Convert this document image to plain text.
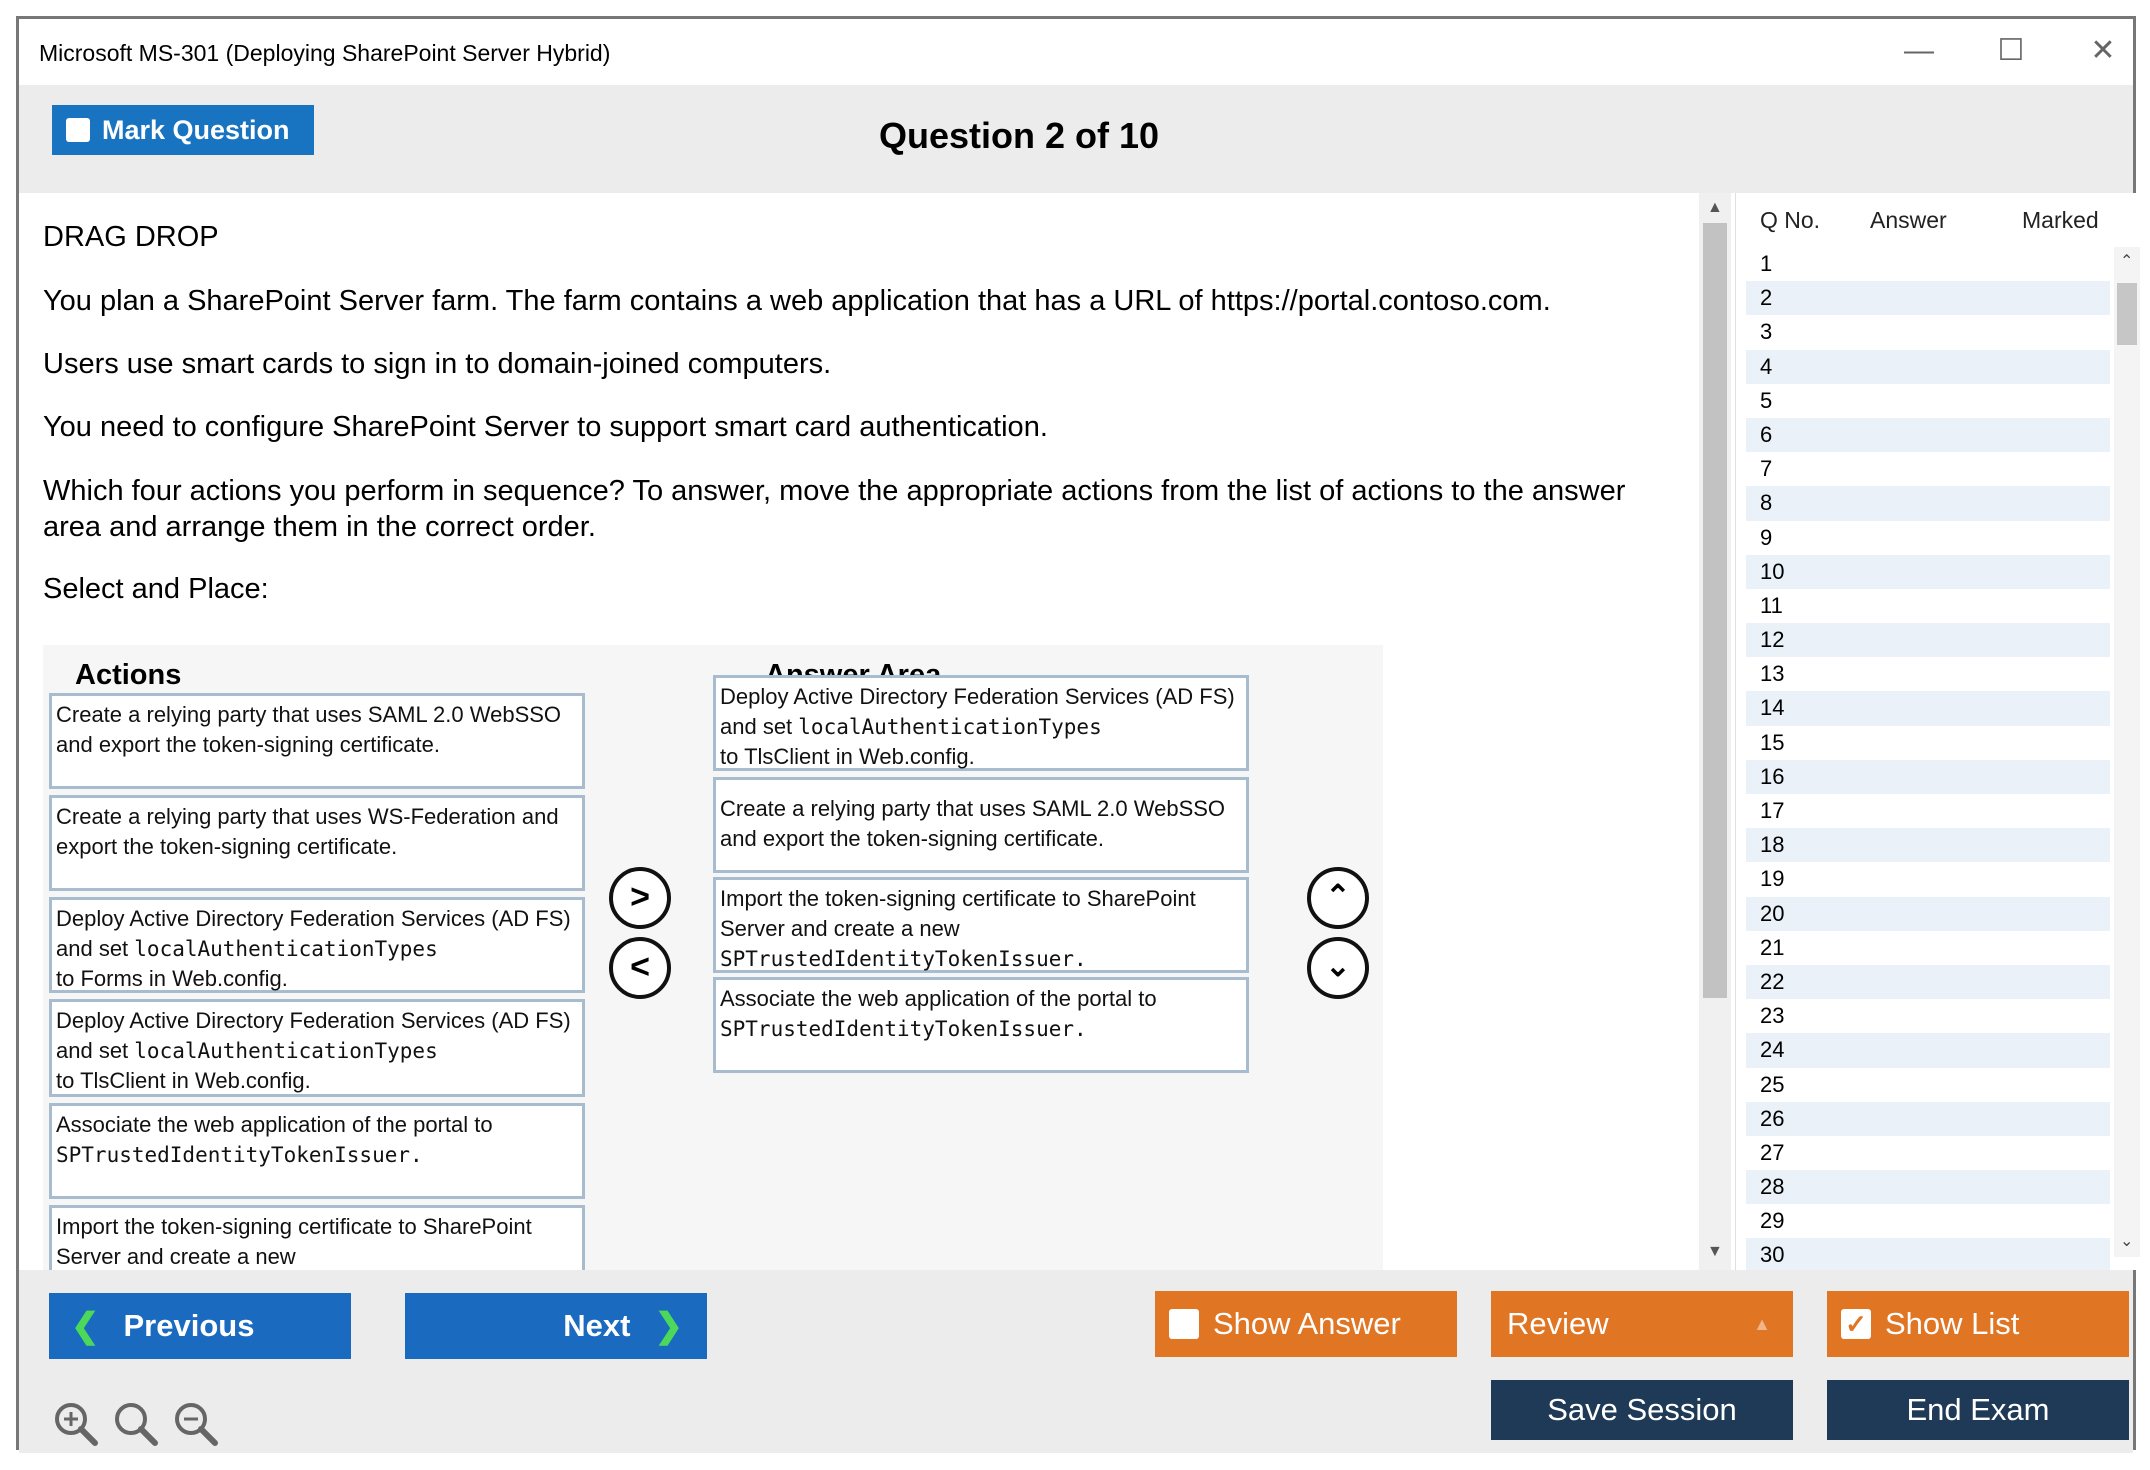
Microsoft MS-301 (Deploying SharePoint Server Hybrid)	— ☐ ✕
Mark Question	Question 2 of 10

DRAG DROP

You plan a SharePoint Server farm. The farm contains a web application that has a URL of https://portal.contoso.com.

Users use smart cards to sign in to domain-joined computers.

You need to configure SharePoint Server to support smart card authentication.

Which four actions you perform in sequence? To answer, move the appropriate actions from the list of actions to the answer area and arrange them in the correct order.

Select and Place:

Actions
Create a relying party that uses SAML 2.0 WebSSO and export the token-signing certificate.
Create a relying party that uses WS-Federation and export the token-signing certificate.
Deploy Active Directory Federation Services (AD FS) and set localAuthenticationTypes
to Forms in Web.config.
Deploy Active Directory Federation Services (AD FS) and set localAuthenticationTypes
to TlsClient in Web.config.
Associate the web application of the portal to
SPTrustedIdentityTokenIssuer.
Import the token-signing certificate to SharePoint Server and create a new
>
<
Deploy Active Directory Federation Services (AD FS) and set localAuthenticationTypes
to TlsClient in Web.config.
Create a relying party that uses SAML 2.0 WebSSO and export the token-signing certificate.
Import the token-signing certificate to SharePoint Server and create a new SPTrustedIdentityTokenIssuer.
Associate the web application of the portal to
SPTrustedIdentityTokenIssuer.
⌃
⌄
▲
▼
Q No. Answer	Marked
1
2
3
4
5
6
7
8
9
10
11
12
13
14
15
16
17
18
19
20
21
22
23
24
25
26
27
28
29
30
⌃
⌄
❮ Previous	Next ❯	Show Answer	Review	▲	✓ Show List
Save Session	End Exam
